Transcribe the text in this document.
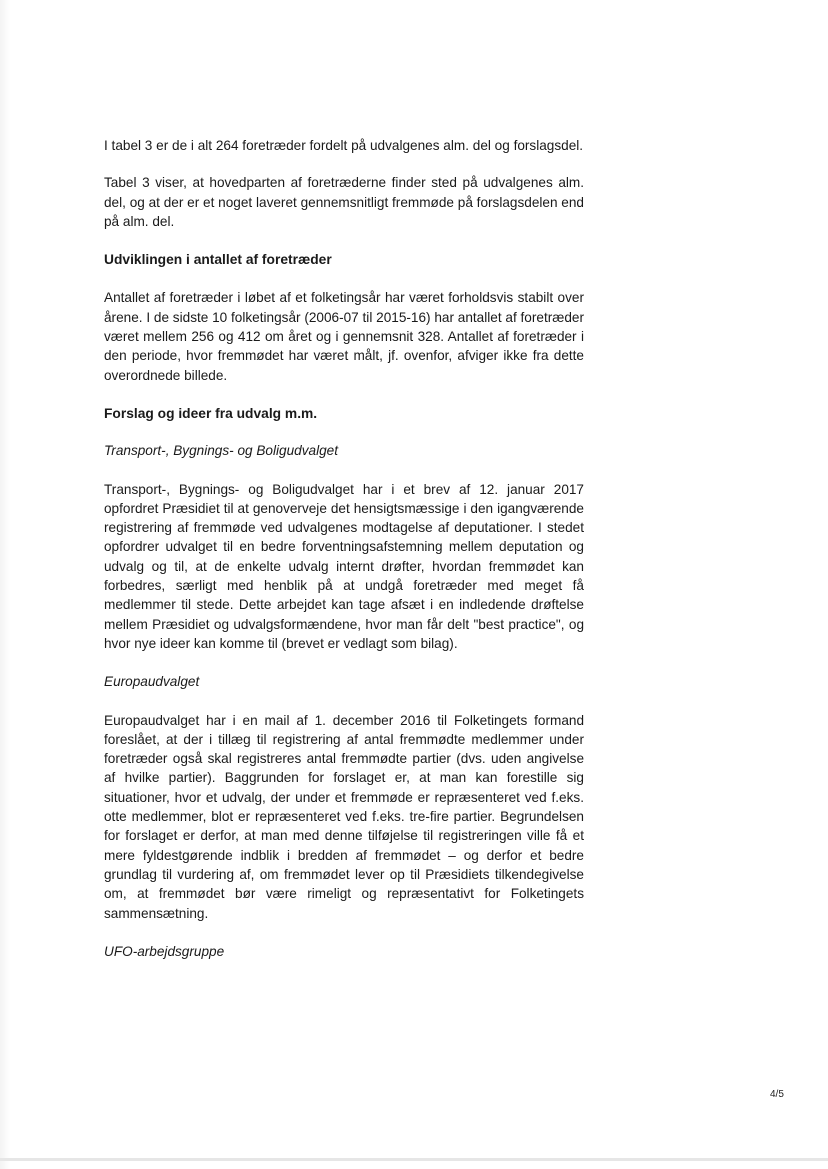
I tabel 3 er de i alt 264 foretræder fordelt på udvalgenes alm. del og forslagsdel.

Tabel 3 viser, at hovedparten af foretræderne finder sted på udvalgenes alm. del, og at der er et noget laveret gennemsnitligt fremmøde på forslagsdelen end på alm. del.

Udviklingen i antallet af foretræder

Antallet af foretræder i løbet af et folketingsår har været forholdsvis stabilt over årene. I de sidste 10 folketingsår (2006-07 til 2015-16) har antallet af foretræder været mellem 256 og 412 om året og i gennemsnit 328. Antallet af foretræder i den periode, hvor fremmødet har været målt, jf. ovenfor, afviger ikke fra dette overordnede billede.

Forslag og ideer fra udvalg m.m.

Transport-, Bygnings- og Boligudvalget

Transport-, Bygnings- og Boligudvalget har i et brev af 12. januar 2017 opfordret Præsidiet til at genoverveje det hensigtsmæssige i den igangværende registrering af fremmøde ved udvalgenes modtagelse af deputationer. I stedet opfordrer udvalget til en bedre forventningsafstemning mellem deputation og udvalg og til, at de enkelte udvalg internt drøfter, hvordan fremmødet kan forbedres, særligt med henblik på at undgå foretræder med meget få medlemmer til stede. Dette arbejdet kan tage afsæt i en indledende drøftelse mellem Præsidiet og udvalgsformændene, hvor man får delt "best practice", og hvor nye ideer kan komme til (brevet er vedlagt som bilag).

Europaudvalget

Europaudvalget har i en mail af 1. december 2016 til Folketingets formand foreslået, at der i tillæg til registrering af antal fremmødte medlemmer under foretræder også skal registreres antal fremmødte partier (dvs. uden angivelse af hvilke partier). Baggrunden for forslaget er, at man kan forestille sig situationer, hvor et udvalg, der under et fremmøde er repræsenteret ved f.eks. otte medlemmer, blot er repræsenteret ved f.eks. tre-fire partier. Begrundelsen for forslaget er derfor, at man med denne tilføjelse til registreringen ville få et mere fyldestgørende indblik i bredden af fremmødet – og derfor et bedre grundlag til vurdering af, om fremmødet lever op til Præsidiets tilkendegivelse om, at fremmødet bør være rimeligt og repræsentativt for Folketingets sammensætning.

UFO-arbejdsgruppe

4/5
